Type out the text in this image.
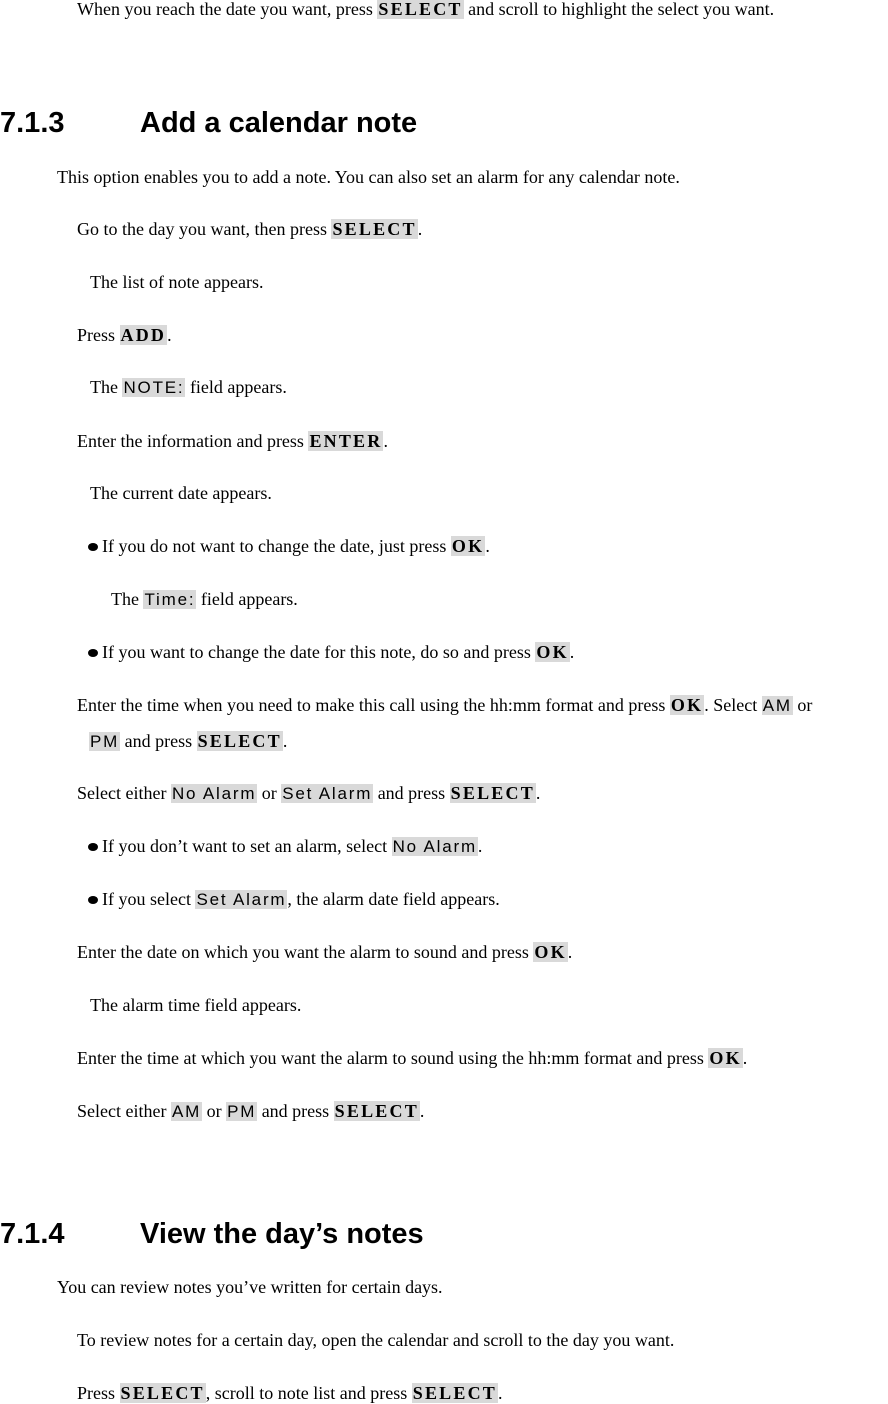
When you reach the date you want, press SELECT and scroll to highlight the select you want.
7.1.3	Add a calendar note
This option enables you to add a note. You can also set an alarm for any calendar note.
Go to the day you want, then press SELECT.
The list of note appears.
Press ADD.
The NOTE: field appears.
Enter the information and press ENTER.
The current date appears.
If you do not want to change the date, just press OK.
The Time: field appears.
If you want to change the date for this note, do so and press OK.
Enter the time when you need to make this call using the hh:mm format and press OK. Select AM or
PM and press SELECT.
Select either No Alarm or Set Alarm and press SELECT.
If you don’t want to set an alarm, select No Alarm.
If you select Set Alarm, the alarm date field appears.
Enter the date on which you want the alarm to sound and press OK.
The alarm time field appears.
Enter the time at which you want the alarm to sound using the hh:mm format and press OK.
Select either AM or PM and press SELECT.
7.1.4	View the day’s notes
You can review notes you’ve written for certain days.
To review notes for a certain day, open the calendar and scroll to the day you want.
Press SELECT, scroll to note list and press SELECT.
